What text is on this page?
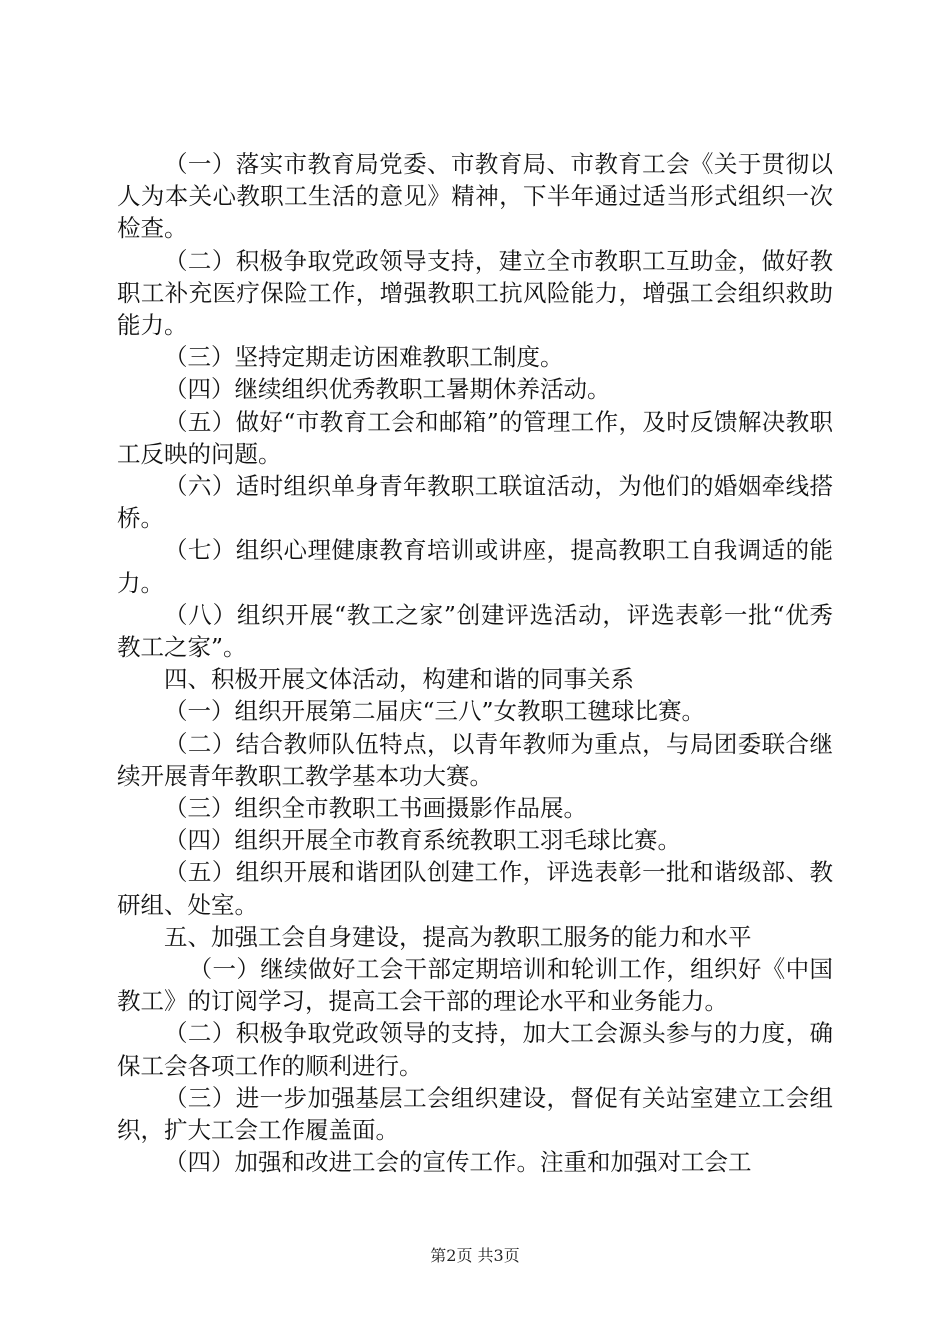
（一）落实市教育局党委、市教育局、市教育工会《关于贯彻以人为本关心教职工生活的意见》精神，下半年通过适当形式组织一次检查。

（二）积极争取党政领导支持，建立全市教职工互助金，做好教职工补充医疗保险工作，增强教职工抗风险能力，增强工会组织救助能力。

（三）坚持定期走访困难教职工制度。

（四）继续组织优秀教职工暑期休养活动。

（五）做好“市教育工会和邮箱”的管理工作，及时反馈解决教职工反映的问题。

（六）适时组织单身青年教职工联谊活动，为他们的婚姻牵线搭桥。

（七）组织心理健康教育培训或讲座，提高教职工自我调适的能力。

（八）组织开展“教工之家”创建评选活动，评选表彰一批“优秀教工之家”。

四、积极开展文体活动，构建和谐的同事关系

（一）组织开展第二届庆“三八”女教职工毽球比赛。

（二）结合教师队伍特点，以青年教师为重点，与局团委联合继续开展青年教职工教学基本功大赛。

（三）组织全市教职工书画摄影作品展。

（四）组织开展全市教育系统教职工羽毛球比赛。

（五）组织开展和谐团队创建工作，评选表彰一批和谐级部、教研组、处室。

五、加强工会自身建设，提高为教职工服务的能力和水平

（一）继续做好工会干部定期培训和轮训工作，组织好《中国教工》的订阅学习，提高工会干部的理论水平和业务能力。

（二）积极争取党政领导的支持，加大工会源头参与的力度，确保工会各项工作的顺利进行。

（三）进一步加强基层工会组织建设，督促有关站室建立工会组织，扩大工会工作履盖面。

（四）加强和改进工会的宣传工作。注重和加强对工会工

第2页 共3页
